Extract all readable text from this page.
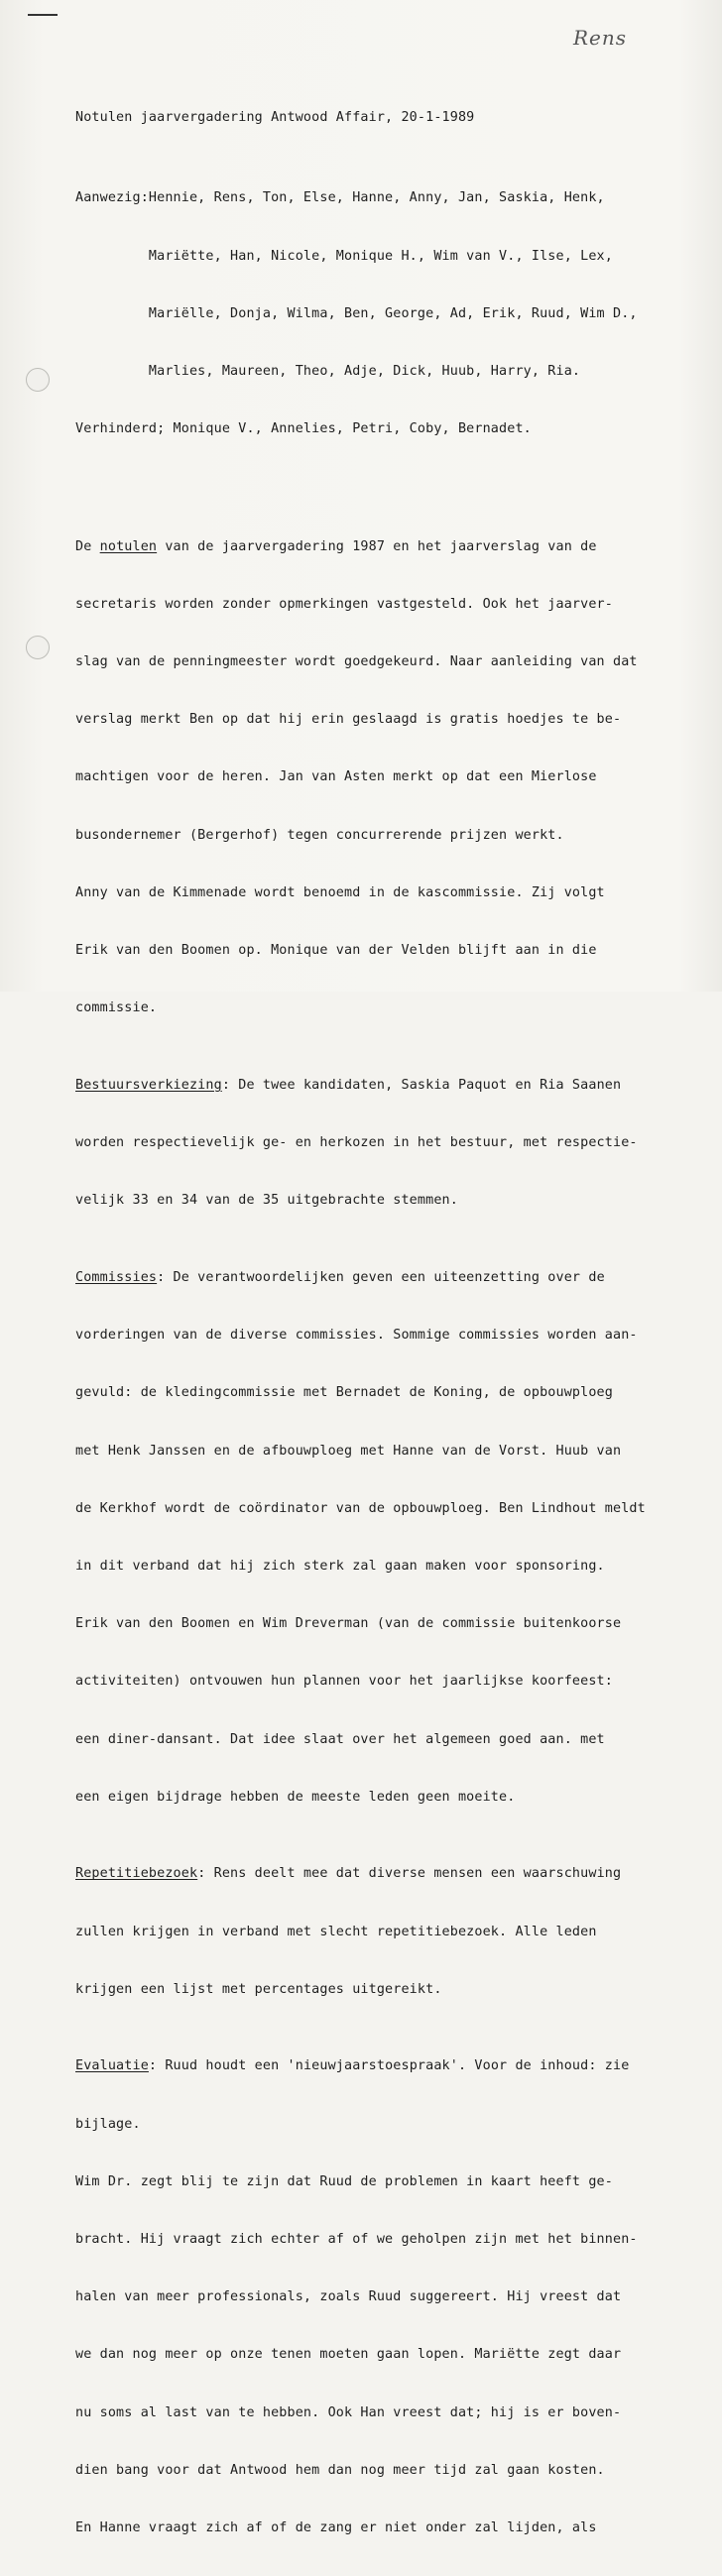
Rens

Notulen jaarvergadering Antwood Affair, 20-1-1989

Aanwezig:Hennie, Rens, Ton, Else, Hanne, Anny, Jan, Saskia, Henk,

Mariëtte, Han, Nicole, Monique H., Wim van V., Ilse, Lex,

Mariëlle, Donja, Wilma, Ben, George, Ad, Erik, Ruud, Wim D.,

Marlies, Maureen, Theo, Adje, Dick, Huub, Harry, Ria.

Verhinderd; Monique V., Annelies, Petri, Coby, Bernadet.

De notulen van de jaarvergadering 1987 en het jaarverslag van de

secretaris worden zonder opmerkingen vastgesteld. Ook het jaarver-

slag van de penningmeester wordt goedgekeurd. Naar aanleiding van dat

verslag merkt Ben op dat hij erin geslaagd is gratis hoedjes te be-

machtigen voor de heren. Jan van Asten merkt op dat een Mierlose

busondernemer (Bergerhof) tegen concurrerende prijzen werkt.

Anny van de Kimmenade wordt benoemd in de kascommissie. Zij volgt

Erik van den Boomen op. Monique van der Velden blijft aan in die

commissie.

Bestuursverkiezing: De twee kandidaten, Saskia Paquot en Ria Saanen

worden respectievelijk ge- en herkozen in het bestuur, met respectie-

velijk 33 en 34 van de 35 uitgebrachte stemmen.

Commissies: De verantwoordelijken geven een uiteenzetting over de

vorderingen van de diverse commissies. Sommige commissies worden aan-

gevuld: de kledingcommissie met Bernadet de Koning, de opbouwploeg

met Henk Janssen en de afbouwploeg met Hanne van de Vorst. Huub van

de Kerkhof wordt de coördinator van de opbouwploeg. Ben Lindhout meldt

in dit verband dat hij zich sterk zal gaan maken voor sponsoring.

Erik van den Boomen en Wim Dreverman (van de commissie buitenkoorse

activiteiten) ontvouwen hun plannen voor het jaarlijkse koorfeest:

een diner-dansant. Dat idee slaat over het algemeen goed aan. met

een eigen bijdrage hebben de meeste leden geen moeite.

Repetitiebezoek: Rens deelt mee dat diverse mensen een waarschuwing

zullen krijgen in verband met slecht repetitiebezoek. Alle leden

krijgen een lijst met percentages uitgereikt.

Evaluatie: Ruud houdt een 'nieuwjaarstoespraak'. Voor de inhoud: zie

bijlage.

Wim Dr. zegt blij te zijn dat Ruud de problemen in kaart heeft ge-

bracht. Hij vraagt zich echter af of we geholpen zijn met het binnen-

halen van meer professionals, zoals Ruud suggereert. Hij vreest dat

we dan nog meer op onze tenen moeten gaan lopen. Mariëtte zegt daar

nu soms al last van te hebben. Ook Han vreest dat; hij is er boven-

dien bang voor dat Antwood hem dan nog meer tijd zal gaan kosten.

En Hanne vraagt zich af of de zang er niet onder zal lijden, als
